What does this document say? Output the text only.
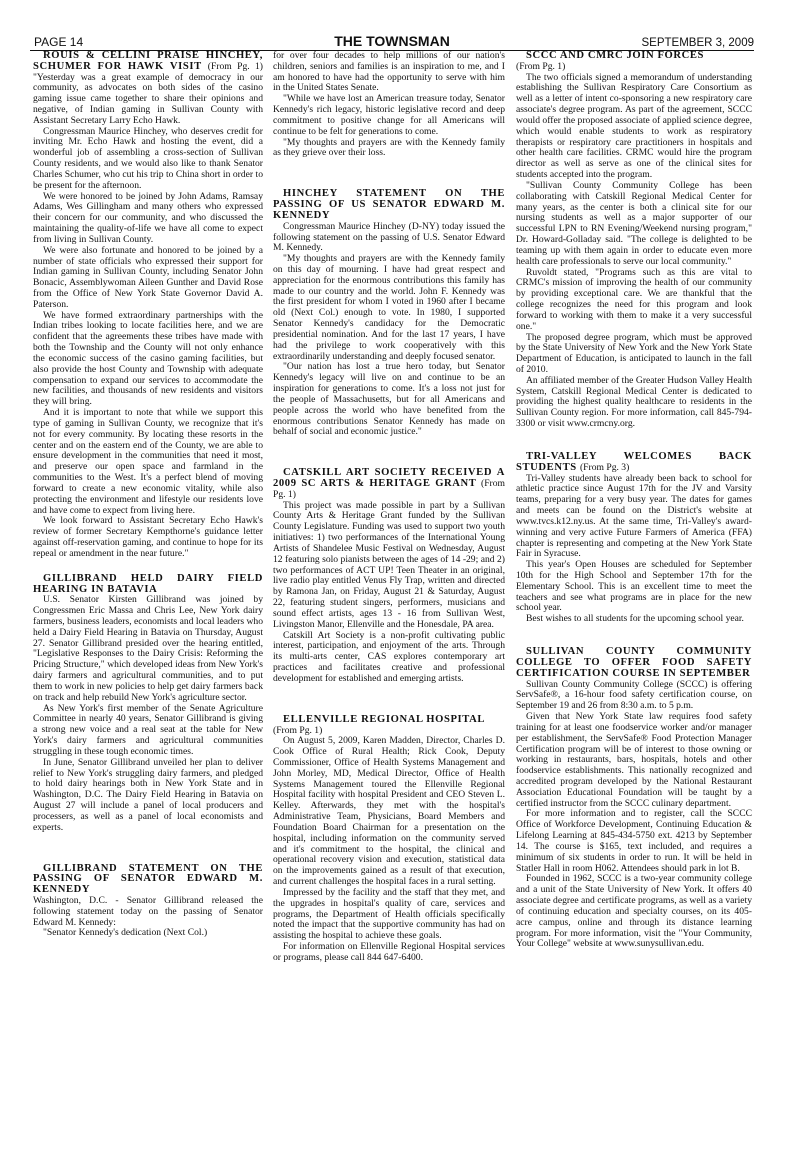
PAGE 14	THE TOWNSMAN	SEPTEMBER 3, 2009

ROUIS & CELLINI PRAISE HINCHEY, SCHUMER FOR HAWK VISIT (From Pg. 1) "Yesterday was a great example of democracy in our community, as advocates on both sides of the casino gaming issue came together to share their opinions and negative, of Indian gaming in Sullivan County with Assistant Secretary Larry Echo Hawk.

Congressman Maurice Hinchey, who deserves credit for inviting Mr. Echo Hawk and hosting the event, did a wonderful job of assembling a cross-section of Sullivan County residents, and we would also like to thank Senator Charles Schumer, who cut his trip to China short in order to be present for the afternoon.

We were honored to be joined by John Adams, Ramsay Adams, Wes Gillingham and many others who expressed their concern for our community, and who discussed the maintaining the quality-of-life we have all come to expect from living in Sullivan County.

We were also fortunate and honored to be joined by a number of state officials who expressed their support for Indian gaming in Sullivan County, including Senator John Bonacic, Assemblywoman Aileen Gunther and David Rose from the Office of New York State Governor David A. Paterson.

We have formed extraordinary partnerships with the Indian tribes looking to locate facilities here, and we are confident that the agreements these tribes have made with both the Township and the County will not only enhance the economic success of the casino gaming facilities, but also provide the host County and Township with adequate compensation to expand our services to accommodate the new facilities, and thousands of new residents and visitors they will bring.

And it is important to note that while we support this type of gaming in Sullivan County, we recognize that it's not for every community. By locating these resorts in the center and on the eastern end of the County, we are able to ensure development in the communities that need it most, and preserve our open space and farmland in the communities to the West. It's a perfect blend of moving forward to create a new economic vitality, while also protecting the environment and lifestyle our residents love and have come to expect from living here.

We look forward to Assistant Secretary Echo Hawk's review of former Secretary Kempthorne's guidance letter against off-reservation gaming, and continue to hope for its repeal or amendment in the near future."

GILLIBRAND HELD DAIRY FIELD HEARING IN BATAVIA

U.S. Senator Kirsten Gillibrand was joined by Congressmen Eric Massa and Chris Lee, New York dairy farmers, business leaders, economists and local leaders who held a Dairy Field Hearing in Batavia on Thursday, August 27. Senator Gillibrand presided over the hearing entitled, "Legislative Responses to the Dairy Crisis: Reforming the Pricing Structure," which developed ideas from New York's dairy farmers and agricultural communities, and to put them to work in new policies to help get dairy farmers back on track and help rebuild New York's agriculture sector.

As New York's first member of the Senate Agriculture Committee in nearly 40 years, Senator Gillibrand is giving a strong new voice and a real seat at the table for New York's dairy farmers and agricultural communities struggling in these tough economic times.

In June, Senator Gillibrand unveiled her plan to deliver relief to New York's struggling dairy farmers, and pledged to hold dairy hearings both in New York State and in Washington, D.C. The Dairy Field Hearing in Batavia on August 27 will include a panel of local producers and processers, as well as a panel of local economists and experts.

GILLIBRAND STATEMENT ON THE PASSING OF SENATOR EDWARD M. KENNEDY

Washington, D.C. - Senator Gillibrand released the following statement today on the passing of Senator Edward M. Kennedy:

"Senator Kennedy's dedication (Next Col.)

for over four decades to help millions of our nation's children, seniors and families is an inspiration to me, and I am honored to have had the opportunity to serve with him in the United States Senate.

"While we have lost an American treasure today, Senator Kennedy's rich legacy, historic legislative record and deep commitment to positive change for all Americans will continue to be felt for generations to come.

"My thoughts and prayers are with the Kennedy family as they grieve over their loss.

HINCHEY STATEMENT ON THE PASSING OF US SENATOR EDWARD M. KENNEDY

Congressman Maurice Hinchey (D-NY) today issued the following statement on the passing of U.S. Senator Edward M. Kennedy.

"My thoughts and prayers are with the Kennedy family on this day of mourning. I have had great respect and appreciation for the enormous contributions this family has made to our country and the world. John F. Kennedy was the first president for whom I voted in 1960 after I became old (Next Col.) enough to vote. In 1980, I supported Senator Kennedy's candidacy for the Democratic presidential nomination. And for the last 17 years, I have had the privilege to work cooperatively with this extraordinarily understanding and deeply focused senator.

"Our nation has lost a true hero today, but Senator Kennedy's legacy will live on and continue to be an inspiration for generations to come. It's a loss not just for the people of Massachusetts, but for all Americans and people across the world who have benefited from the enormous contributions Senator Kennedy has made on behalf of social and economic justice."

CATSKILL ART SOCIETY RECEIVED A 2009 SC ARTS & HERITAGE GRANT (From Pg. 1)

This project was made possible in part by a Sullivan County Arts & Heritage Grant funded by the Sullivan County Legislature. Funding was used to support two youth initiatives: 1) two performances of the International Young Artists of Shandelee Music Festival on Wednesday, August 12 featuring solo pianists between the ages of 14 -29; and 2) two performances of ACT UP! Teen Theater in an original, live radio play entitled Venus Fly Trap, written and directed by Ramona Jan, on Friday, August 21 & Saturday, August 22, featuring student singers, performers, musicians and sound effect artists, ages 13 - 16 from Sullivan West, Livingston Manor, Ellenville and the Honesdale, PA area.

Catskill Art Society is a non-profit cultivating public interest, participation, and enjoyment of the arts. Through its multi-arts center, CAS explores contemporary art practices and facilitates creative and professional development for established and emerging artists.

ELLENVILLE REGIONAL HOSPITAL

(From Pg. 1)

On August 5, 2009, Karen Madden, Director, Charles D. Cook Office of Rural Health; Rick Cook, Deputy Commissioner, Office of Health Systems Management and John Morley, MD, Medical Director, Office of Health Systems Management toured the Ellenville Regional Hospital facility with hospital President and CEO Steven L. Kelley. Afterwards, they met with the hospital's Administrative Team, Physicians, Board Members and Foundation Board Chairman for a presentation on the hospital, including information on the community served and it's commitment to the hospital, the clinical and operational recovery vision and execution, statistical data on the improvements gained as a result of that execution, and current challenges the hospital faces in a rural setting.

Impressed by the facility and the staff that they met, and the upgrades in hospital's quality of care, services and programs, the Department of Health officials specifically noted the impact that the supportive community has had on assisting the hospital to achieve these goals.

For information on Ellenville Regional Hospital services or programs, please call 844 647-6400.

SCCC AND CMRC JOIN FORCES

(From Pg. 1)

The two officials signed a memorandum of understanding establishing the Sullivan Respiratory Care Consortium as well as a letter of intent co-sponsoring a new respiratory care associate's degree program. As part of the agreement, SCCC would offer the proposed associate of applied science degree, which would enable students to work as respiratory therapists or respiratory care practitioners in hospitals and other health care facilities. CRMC would hire the program director as well as serve as one of the clinical sites for students accepted into the program.

"Sullivan County Community College has been collaborating with Catskill Regional Medical Center for many years, as the center is both a clinical site for our nursing students as well as a major supporter of our successful LPN to RN Evening/Weekend nursing program," Dr. Howard-Golladay said. "The college is delighted to be teaming up with them again in order to educate even more health care professionals to serve our local community."

Ruvoldt stated, "Programs such as this are vital to CRMC's mission of improving the health of our community by providing exceptional care. We are thankful that the college recognizes the need for this program and look forward to working with them to make it a very successful one."

The proposed degree program, which must be approved by the State University of New York and the New York State Department of Education, is anticipated to launch in the fall of 2010.

An affiliated member of the Greater Hudson Valley Health System, Catskill Regional Medical Center is dedicated to providing the highest quality healthcare to residents in the Sullivan County region. For more information, call 845-794-3300 or visit www.crmcny.org.

TRI-VALLEY WELCOMES BACK STUDENTS (From Pg. 3)

Tri-Valley students have already been back to school for athletic practice since August 17th for the JV and Varsity teams, preparing for a very busy year. The dates for games and meets can be found on the District's website at www.tvcs.k12.ny.us. At the same time, Tri-Valley's award-winning and very active Future Farmers of America (FFA) chapter is representing and competing at the New York State Fair in Syracuse.

This year's Open Houses are scheduled for September 10th for the High School and September 17th for the Elementary School. This is an excellent time to meet the teachers and see what programs are in place for the new school year.

Best wishes to all students for the upcoming school year.

SULLIVAN COUNTY COMMUNITY COLLEGE TO OFFER FOOD SAFETY CERTIFICATION COURSE IN SEPTEMBER

Sullivan County Community College (SCCC) is offering ServSafe®, a 16-hour food safety certification course, on September 19 and 26 from 8:30 a.m. to 5 p.m.

Given that New York State law requires food safety training for at least one foodservice worker and/or manager per establishment, the ServSafe® Food Protection Manager Certification program will be of interest to those owning or working in restaurants, bars, hospitals, hotels and other foodservice establishments. This nationally recognized and accredited program developed by the National Restaurant Association Educational Foundation will be taught by a certified instructor from the SCCC culinary department.

For more information and to register, call the SCCC Office of Workforce Development, Continuing Education & Lifelong Learning at 845-434-5750 ext. 4213 by September 14. The course is $165, text included, and requires a minimum of six students in order to run. It will be held in Statler Hall in room H062. Attendees should park in lot B.

Founded in 1962, SCCC is a two-year community college and a unit of the State University of New York. It offers 40 associate degree and certificate programs, as well as a variety of continuing education and specialty courses, on its 405-acre campus, online and through its distance learning program. For more information, visit the "Your Community, Your College" website at www.sunysullivan.edu.
